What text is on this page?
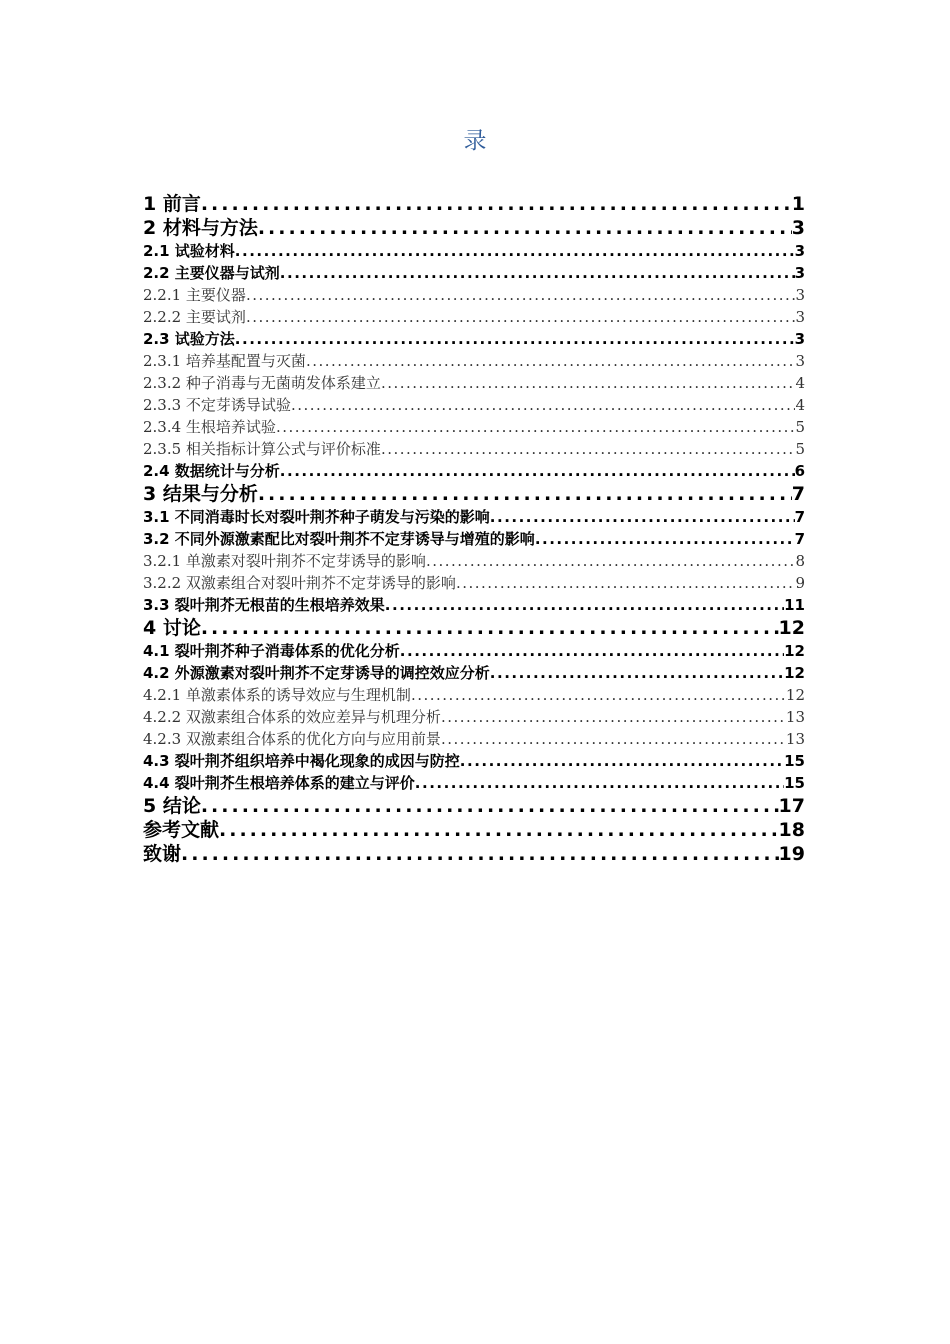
录
1 前言 .....	1
2 材料与方法 .....	3
2.1 试验材料 .....	3
2.2 主要仪器与试剂 .....	3
2.2.1 主要仪器 .....	3
2.2.2 主要试剂 .....	3
2.3 试验方法 .....	3
2.3.1 培养基配置与灭菌 .....	3
2.3.2 种子消毒与无菌萌发体系建立 .....	4
2.3.3 不定芽诱导试验 .....	4
2.3.4 生根培养试验 .....	5
2.3.5 相关指标计算公式与评价标准 .....	5
2.4 数据统计与分析 .....	6
3 结果与分析 .....	7
3.1 不同消毒时长对裂叶荆芥种子萌发与污染的影响 .....	7
3.2 不同外源激素配比对裂叶荆芥不定芽诱导与增殖的影响 .....	7
3.2.1 单激素对裂叶荆芥不定芽诱导的影响 .....	8
3.2.2 双激素组合对裂叶荆芥不定芽诱导的影响 .....	9
3.3 裂叶荆芥无根苗的生根培养效果 .....	11
4 讨论 .....	12
4.1 裂叶荆芥种子消毒体系的优化分析 .....	12
4.2 外源激素对裂叶荆芥不定芽诱导的调控效应分析 .....	12
4.2.1 单激素体系的诱导效应与生理机制 .....	12
4.2.2 双激素组合体系的效应差异与机理分析 .....	13
4.2.3 双激素组合体系的优化方向与应用前景 .....	13
4.3 裂叶荆芥组织培养中褐化现象的成因与防控 .....	15
4.4 裂叶荆芥生根培养体系的建立与评价 .....	15
5 结论 .....	17
参考文献 .....	18
致谢 .....	19
